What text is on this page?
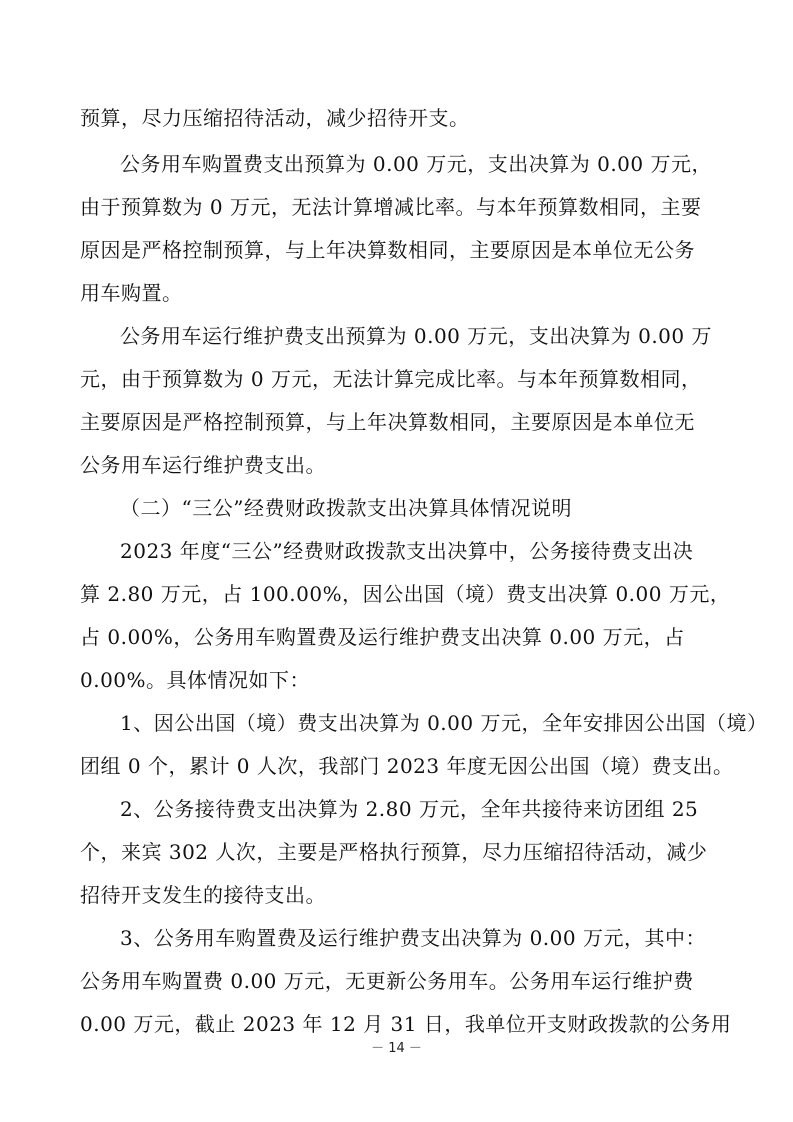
预算，尽力压缩招待活动，减少招待开支。
公务用车购置费支出预算为 0.00 万元，支出决算为 0.00 万元，
由于预算数为 0 万元，无法计算增减比率。与本年预算数相同，主要
原因是严格控制预算，与上年决算数相同，主要原因是本单位无公务
用车购置。
公务用车运行维护费支出预算为 0.00 万元，支出决算为 0.00 万
元，由于预算数为 0 万元，无法计算完成比率。与本年预算数相同，
主要原因是严格控制预算，与上年决算数相同，主要原因是本单位无
公务用车运行维护费支出。
（二）“三公”经费财政拨款支出决算具体情况说明
2023 年度“三公”经费财政拨款支出决算中，公务接待费支出决
算 2.80 万元，占 100.00%，因公出国（境）费支出决算 0.00 万元，
占 0.00%，公务用车购置费及运行维护费支出决算 0.00 万元，占
0.00%。具体情况如下：
1、因公出国（境）费支出决算为 0.00 万元，全年安排因公出国（境）
团组 0 个，累计 0 人次，我部门 2023 年度无因公出国（境）费支出。
2、公务接待费支出决算为 2.80 万元，全年共接待来访团组 25
个，来宾 302 人次，主要是严格执行预算，尽力压缩招待活动，减少
招待开支发生的接待支出。
3、公务用车购置费及运行维护费支出决算为 0.00 万元，其中：
公务用车购置费 0.00 万元，无更新公务用车。公务用车运行维护费
0.00 万元，截止 2023 年 12 月 31 日，我单位开支财政拨款的公务用
－ 14 －
